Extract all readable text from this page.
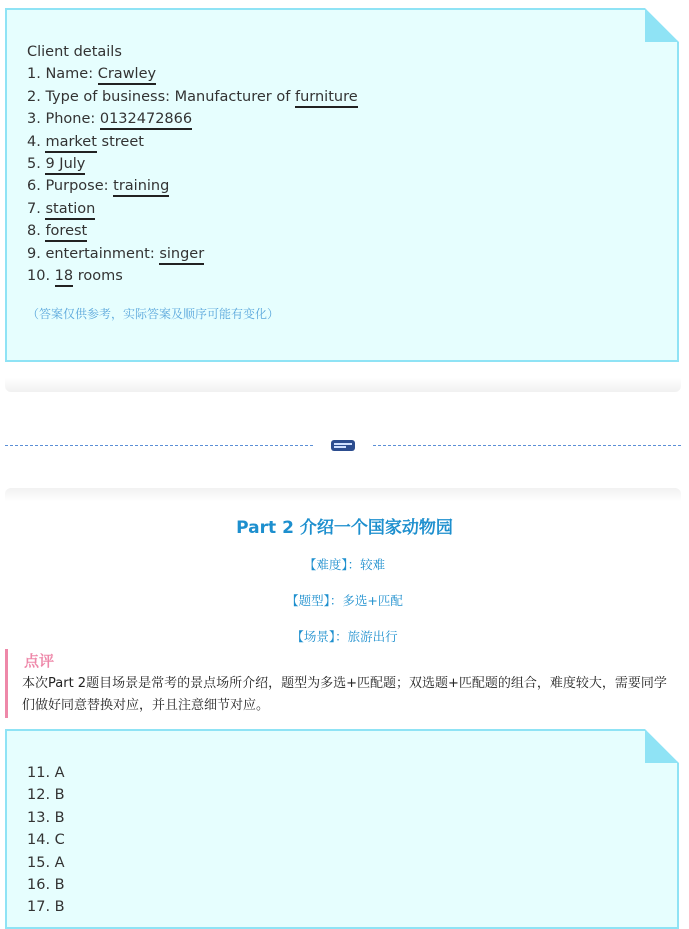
Client details
1. Name: Crawley
2. Type of business: Manufacturer of furniture
3. Phone: 0132472866
4. market street
5. 9 July
6. Purpose: training
7. station
8. forest
9. entertainment: singer
10. 18 rooms
（答案仅供参考，实际答案及顺序可能有变化）
Part 2 介绍一个国家动物园
【难度】：较难
【题型】：多选+匹配
【场景】：旅游出行
点评
本次Part 2题目场景是常考的景点场所介绍，题型为多选+匹配题；双选题+匹配题的组合，难度较大，需要同学们做好同意替换对应，并且注意细节对应。
11. A
12. B
13. B
14. C
15. A
16. B
17. B
